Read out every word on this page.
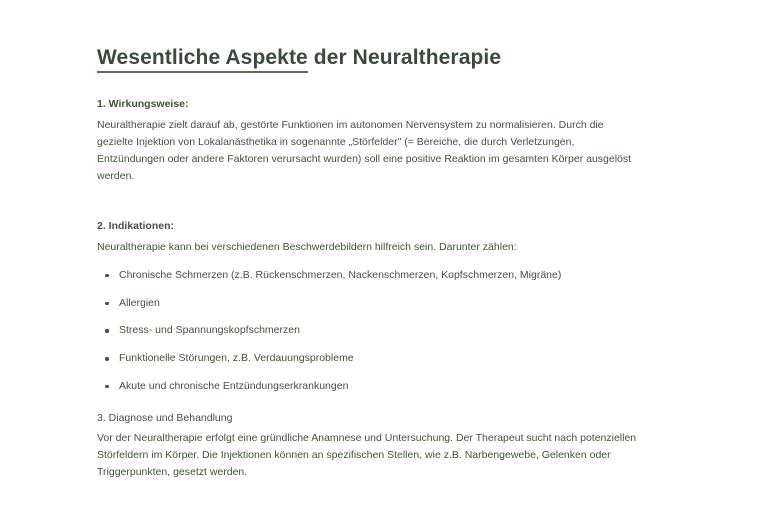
Wesentliche Aspekte der Neuraltherapie

1. Wirkungsweise:

Neuraltherapie zielt darauf ab, gestörte Funktionen im autonomen Nervensystem zu normalisieren. Durch die gezielte Injektion von Lokalanästhetika in sogenannte „Störfelder" (= Bereiche, die durch Verletzungen, Entzündungen oder andere Faktoren verursacht wurden) soll eine positive Reaktion im gesamten Körper ausgelöst werden.

2. Indikationen:

Neuraltherapie kann bei verschiedenen Beschwerdebildern hilfreich sein. Darunter zählen:

Chronische Schmerzen (z.B. Rückenschmerzen, Nackenschmerzen, Kopfschmerzen, Migräne)
Allergien
Stress- und Spannungskopfschmerzen
Funktionelle Störungen, z.B. Verdauungsprobleme
Akute und chronische Entzündungserkrankungen

3. Diagnose und Behandlung

Vor der Neuraltherapie erfolgt eine gründliche Anamnese und Untersuchung. Der Therapeut sucht nach potenziellen Störfeldern im Körper. Die Injektionen können an spezifischen Stellen, wie z.B. Narbengewebe, Gelenken oder Triggerpunkten, gesetzt werden.
